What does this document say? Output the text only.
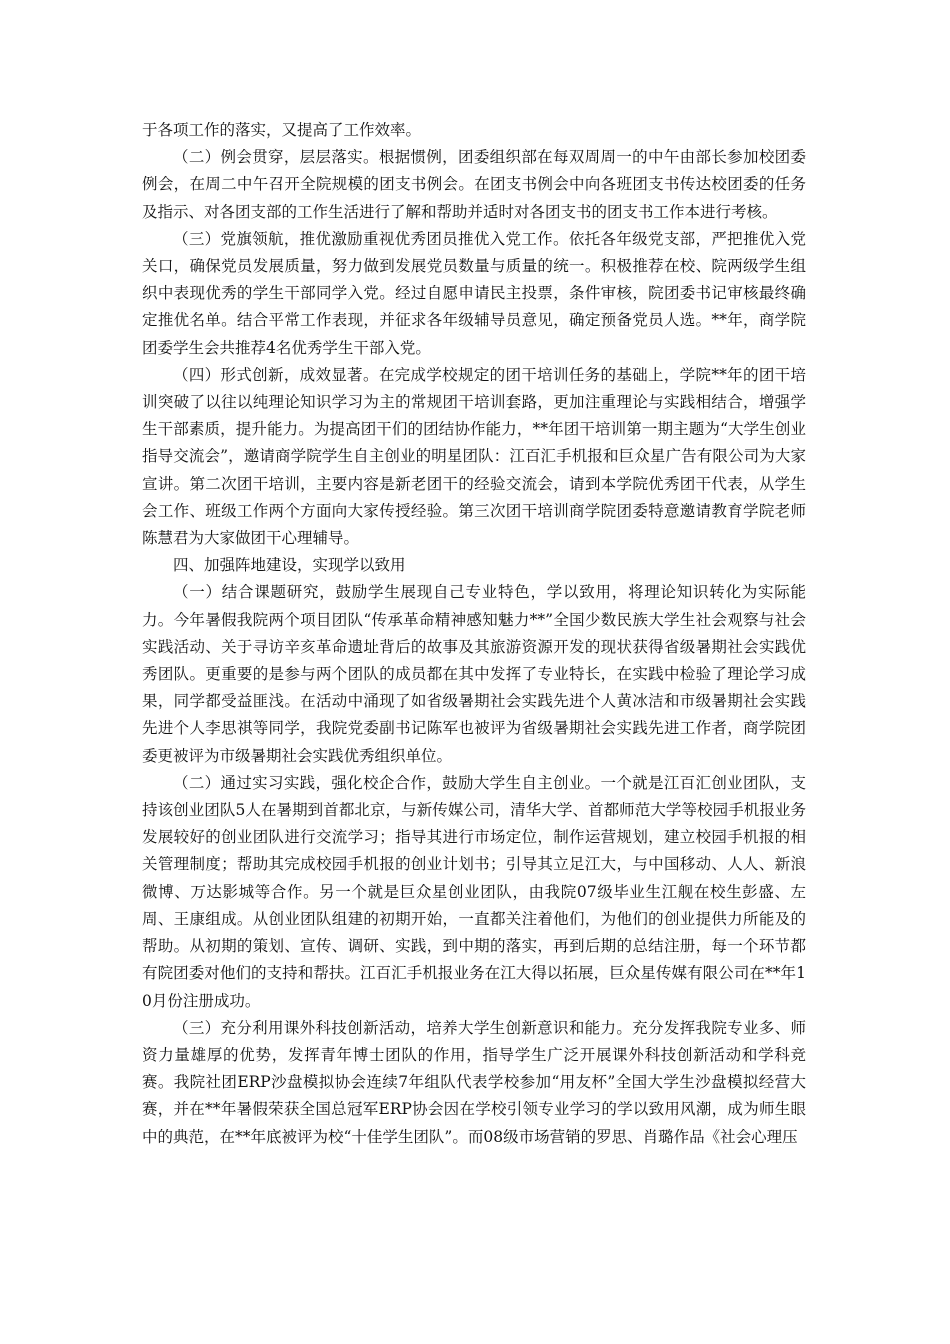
于各项工作的落实，又提高了工作效率。

（二）例会贯穿，层层落实。根据惯例，团委组织部在每双周周一的中午由部长参加校团委例会，在周二中午召开全院规模的团支书例会。在团支书例会中向各班团支书传达校团委的任务及指示、对各团支部的工作生活进行了解和帮助并适时对各团支书的团支书工作本进行考核。

（三）党旗领航，推优激励重视优秀团员推优入党工作。依托各年级党支部，严把推优入党关口，确保党员发展质量，努力做到发展党员数量与质量的统一。积极推荐在校、院两级学生组织中表现优秀的学生干部同学入党。经过自愿申请民主投票，条件审核，院团委书记审核最终确定推优名单。结合平常工作表现，并征求各年级辅导员意见，确定预备党员人选。**年，商学院团委学生会共推荐4名优秀学生干部入党。

（四）形式创新，成效显著。在完成学校规定的团干培训任务的基础上，学院**年的团干培训突破了以往以纯理论知识学习为主的常规团干培训套路，更加注重理论与实践相结合，增强学生干部素质，提升能力。为提高团干们的团结协作能力，**年团干培训第一期主题为“大学生创业指导交流会”，邀请商学院学生自主创业的明星团队：江百汇手机报和巨众星广告有限公司为大家宣讲。第二次团干培训，主要内容是新老团干的经验交流会，请到本学院优秀团干代表，从学生会工作、班级工作两个方面向大家传授经验。第三次团干培训商学院团委特意邀请教育学院老师陈慧君为大家做团干心理辅导。

四、加强阵地建设，实现学以致用

（一）结合课题研究，鼓励学生展现自己专业特色，学以致用，将理论知识转化为实际能力。今年暑假我院两个项目团队“传承革命精神感知魅力**”全国少数民族大学生社会观察与社会实践活动、关于寻访辛亥革命遗址背后的故事及其旅游资源开发的现状获得省级暑期社会实践优秀团队。更重要的是参与两个团队的成员都在其中发挥了专业特长，在实践中检验了理论学习成果，同学都受益匪浅。在活动中涌现了如省级暑期社会实践先进个人黄冰洁和市级暑期社会实践先进个人李思祺等同学，我院党委副书记陈军也被评为省级暑期社会实践先进工作者，商学院团委更被评为市级暑期社会实践优秀组织单位。

（二）通过实习实践，强化校企合作，鼓励大学生自主创业。一个就是江百汇创业团队，支持该创业团队5人在暑期到首都北京，与新传媒公司，清华大学、首都师范大学等校园手机报业务发展较好的创业团队进行交流学习；指导其进行市场定位，制作运营规划，建立校园手机报的相关管理制度；帮助其完成校园手机报的创业计划书；引导其立足江大，与中国移动、人人、新浪微博、万达影城等合作。另一个就是巨众星创业团队，由我院07级毕业生江舰在校生彭盛、左周、王康组成。从创业团队组建的初期开始，一直都关注着他们，为他们的创业提供力所能及的帮助。从初期的策划、宣传、调研、实践，到中期的落实，再到后期的总结注册，每一个环节都有院团委对他们的支持和帮扶。江百汇手机报业务在江大得以拓展，巨众星传媒有限公司在**年10月份注册成功。

（三）充分利用课外科技创新活动，培养大学生创新意识和能力。充分发挥我院专业多、师资力量雄厚的优势，发挥青年博士团队的作用，指导学生广泛开展课外科技创新活动和学科竞赛。我院社团ERP沙盘模拟协会连续7年组队代表学校参加“用友杯”全国大学生沙盘模拟经营大赛，并在**年暑假荣获全国总冠军ERP协会因在学校引领专业学习的学以致用风潮，成为师生眼中的典范，在**年底被评为校“十佳学生团队”。而08级市场营销的罗思、肖璐作品《社会心理压
